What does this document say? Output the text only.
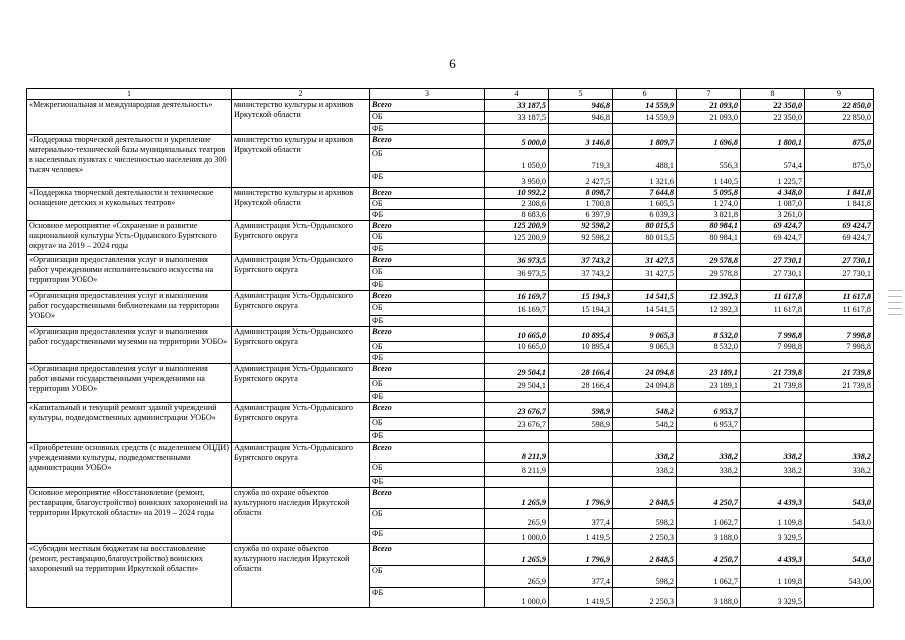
6
1	2	3	4	5	6	7	8	9
«Межрегиональная и международная деятельность»	министерство культуры и архивов Иркутской области	Всего	33 187,5	946,8	14 559,9	21 093,0	22 350,0	22 850,0
		ОБ	33 187,5	946,8	14 559,9	21 093,0	22 350,0	22 850,0
		ФБ						
«Поддержка творческой деятельности и укрепление материально-технической базы муниципальных театров в населенных пунктах с численностью населения до 300 тысяч человек»	министерство культуры и архивов Иркутской области	Всего	5 000,0	3 146,8	1 809,7	1 696,8	1 800,1	875,0
		ОБ	1 050,0	719,3	488,1	556,3	574,4	875,0
		ФБ	3 950,0	2 427,5	1 321,6	1 140,5	1 225,7	
«Поддержка творческой деятельности и техническое оснащение детских и кукольных театров»	министерство культуры и архивов Иркутской области	Всего	10 992,2	8 098,7	7 644,8	5 095,8	4 348,0	1 841,8
		ОБ	2 308,6	1 700,8	1 605,5	1 274,0	1 087,0	1 841,8
		ФБ	8 683,6	6 397,9	6 039,3	3 821,8	3 261,0	
Основное мероприятие «Сохранение и развитие национальной культуры Усть-Ордынского Бурятского округа» на 2019 – 2024 годы	Администрация Усть-Ордынского Бурятского округа	Всего	125 200,9	92 598,2	80 015,5	80 984,1	69 424,7	69 424,7
		ОБ	125 200,9	92 598,2	80 015,5	80 984,1	69 424,7	69 424,7
		ФБ						
«Организация предоставления услуг и выполнения работ учреждениями исполнительского искусства на территории УОБО»	Администрация Усть-Ордынского Бурятского округа	Всего	36 973,5	37 743,2	31 427,5	29 578,8	27 730,1	27 730,1
		ОБ	36 973,5	37 743,2	31 427,5	29 578,8	27 730,1	27 730,1
		ФБ						
«Организация предоставления услуг и выполнения работ государственными библиотеками на территории УОБО»	Администрация Усть-Ордынского Бурятского округа	Всего	16 169,7	15 194,3	14 541,5	12 392,3	11 617,8	11 617,8
		ОБ	16 169,7	15 194,3	14 541,5	12 392,3	11 617,8	11 617,8
		ФБ						
«Организация предоставления услуг и выполнения работ государственными музеями на территории УОБО»	Администрация Усть-Ордынского Бурятского округа	Всего	10 665,0	10 895,4	9 065,3	8 532,0	7 998,8	7 998,8
		ОБ	10 665,0	10 895,4	9 065,3	8 532,0	7 998,8	7 998,8
		ФБ						
«Организация предоставления услуг и выполнения работ иными государственными учреждениями на территории УОБО»	Администрация Усть-Ордынского Бурятского округа	Всего	29 504,1	28 166,4	24 094,8	23 189,1	21 739,8	21 739,8
		ОБ	29 504,1	28 166,4	24 094,8	23 189,1	21 739,8	21 739,8
		ФБ						
«Капитальный и текущий ремонт зданий учреждений культуры, подведомственных администрации УОБО»	Администрация Усть-Ордынского Бурятского округа	Всего	23 676,7	598,9	548,2	6 953,7		
		ОБ	23 676,7	598,9	548,2	6 953,7		
		ФБ						
«Приобретение основных средств (с выделением ОЦДИ) учреждениями культуры, подведомственными администрации УОБО»	Администрация Усть-Ордынского Бурятского округа	Всего	8 211,9		338,2	338,2	338,2	338,2
		ОБ	8 211,9		338,2	338,2	338,2	338,2
		ФБ						
Основное мероприятие «Восстановление (ремонт, реставрация, благоустройство) воинских захоронений на территории Иркутской области» на 2019 – 2024 годы	служба по охране объектов культурного наследия Иркутской области	Всего	1 265,9	1 796,9	2 848,5	4 250,7	4 439,3	543,0
		ОБ	265,9	377,4	598,2	1 062,7	1 109,8	543,0
		ФБ	1 000,0	1 419,5	2 250,3	3 188,0	3 329,5	
«Субсидии местным бюджетам на восстановление (ремонт, реставрацию,благоустройство) воинских захоронений на территории Иркутской области»	служба по охране объектов культурного наследия Иркутской области	Всего	1 265,9	1 796,9	2 848,5	4 250,7	4 439,3	543,0
		ОБ	265,9	377,4	598,2	1 062,7	1 109,8	543,00
		ФБ	1 000,0	1 419,5	2 250,3	3 188,0	3 329,5	
